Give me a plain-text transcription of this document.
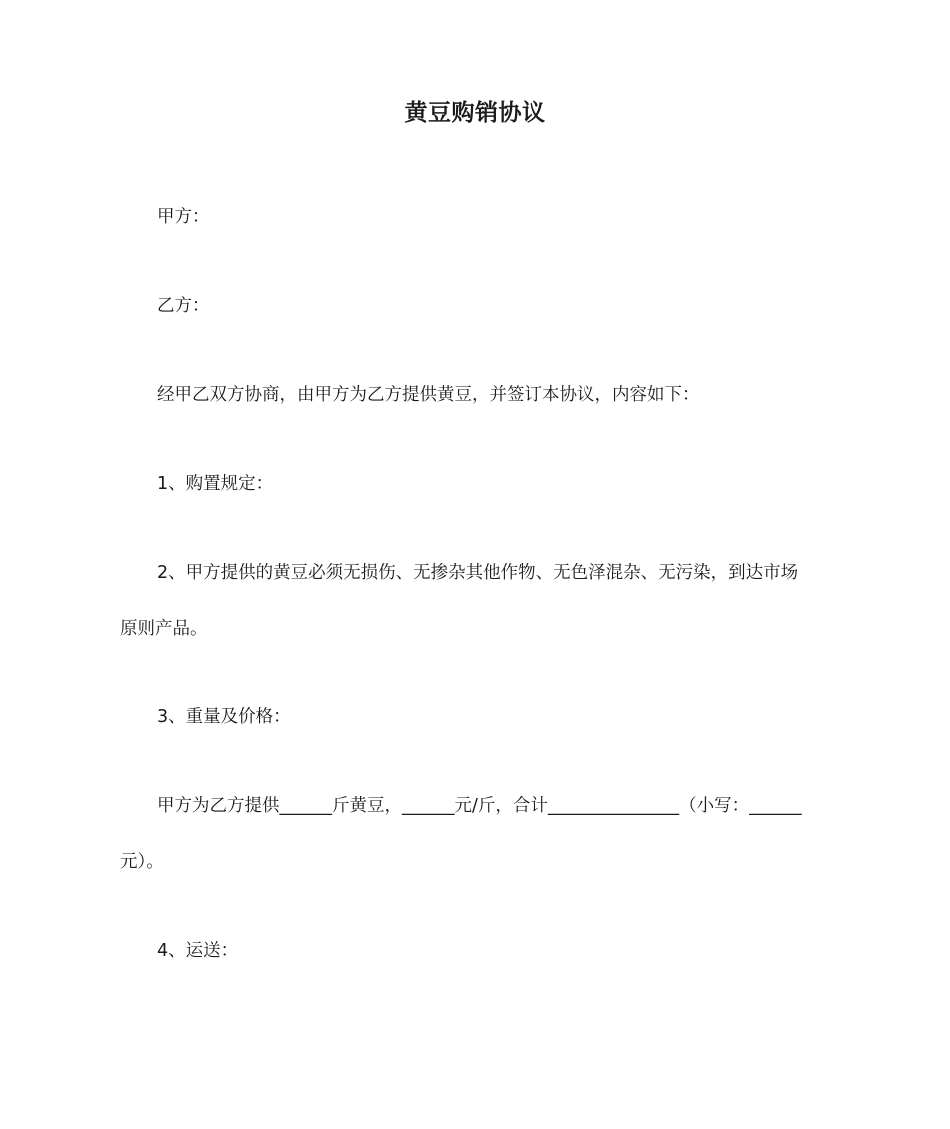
黄豆购销协议
甲方：
乙方：
经甲乙双方协商，由甲方为乙方提供黄豆，并签订本协议，内容如下：
1、购置规定：
2、甲方提供的黄豆必须无损伤、无掺杂其他作物、无色泽混杂、无污染，到达市场
原则产品。
3、重量及价格：
甲方为乙方提供______斤黄豆，______元/斤，合计_______________（小写：______
元）。
4、运送：
